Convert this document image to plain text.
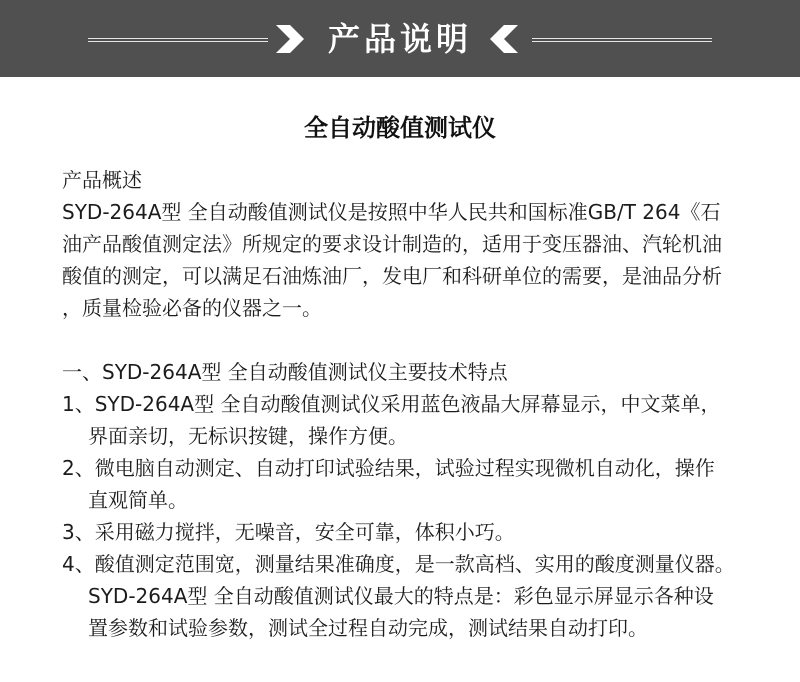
产品说明
全自动酸值测试仪
产品概述
SYD-264A型 全自动酸值测试仪是按照中华人民共和国标准GB/T 264《石
油产品酸值测定法》所规定的要求设计制造的，适用于变压器油、汽轮机油
酸值的测定，可以满足石油炼油厂，发电厂和科研单位的需要，是油品分析
，质量检验必备的仪器之一。
一、SYD-264A型 全自动酸值测试仪主要技术特点
1、SYD-264A型 全自动酸值测试仪采用蓝色液晶大屏幕显示，中文菜单，
界面亲切，无标识按键，操作方便。
2、微电脑自动测定、自动打印试验结果，试验过程实现微机自动化，操作
直观简单。
3、采用磁力搅拌，无噪音，安全可靠，体积小巧。
4、酸值测定范围宽，测量结果准确度，是一款高档、实用的酸度测量仪器。
SYD-264A型 全自动酸值测试仪最大的特点是：彩色显示屏显示各种设
置参数和试验参数，测试全过程自动完成，测试结果自动打印。
